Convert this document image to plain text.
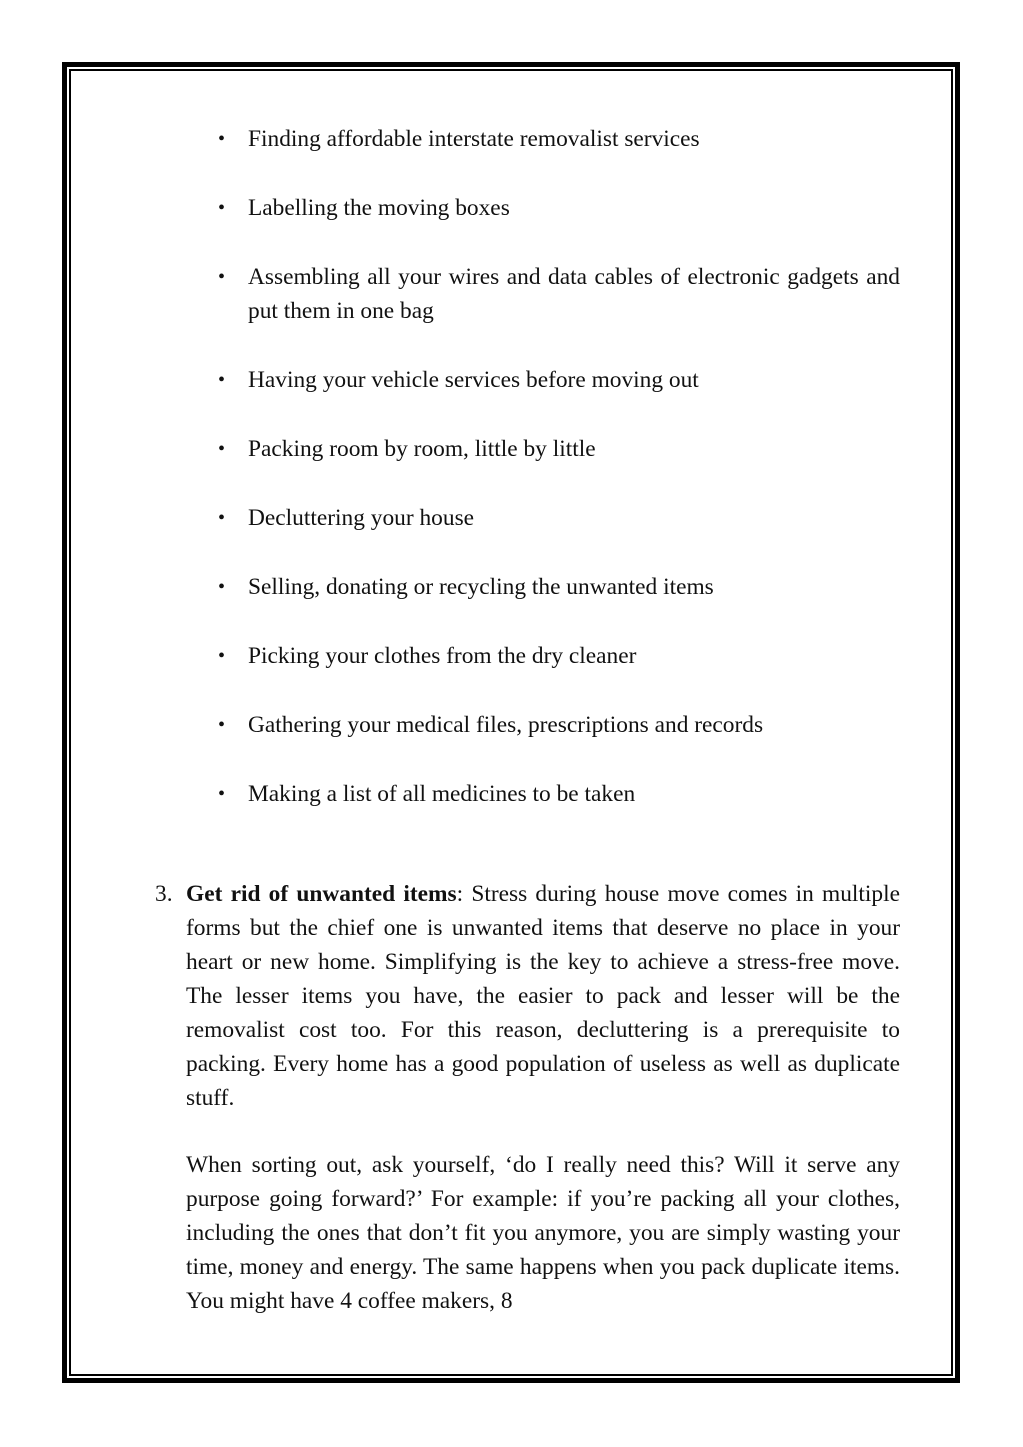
• Finding affordable interstate removalist services
• Labelling the moving boxes
• Assembling all your wires and data cables of electronic gadgets and put them in one bag
• Having your vehicle services before moving out
• Packing room by room, little by little
• Decluttering your house
• Selling, donating or recycling the unwanted items
• Picking your clothes from the dry cleaner
• Gathering your medical files, prescriptions and records
• Making a list of all medicines to be taken
3. Get rid of unwanted items: Stress during house move comes in multiple forms but the chief one is unwanted items that deserve no place in your heart or new home. Simplifying is the key to achieve a stress-free move. The lesser items you have, the easier to pack and lesser will be the removalist cost too. For this reason, decluttering is a prerequisite to packing. Every home has a good population of useless as well as duplicate stuff.

When sorting out, ask yourself, ‘do I really need this? Will it serve any purpose going forward?’ For example: if you’re packing all your clothes, including the ones that don’t fit you anymore, you are simply wasting your time, money and energy. The same happens when you pack duplicate items. You might have 4 coffee makers, 8
